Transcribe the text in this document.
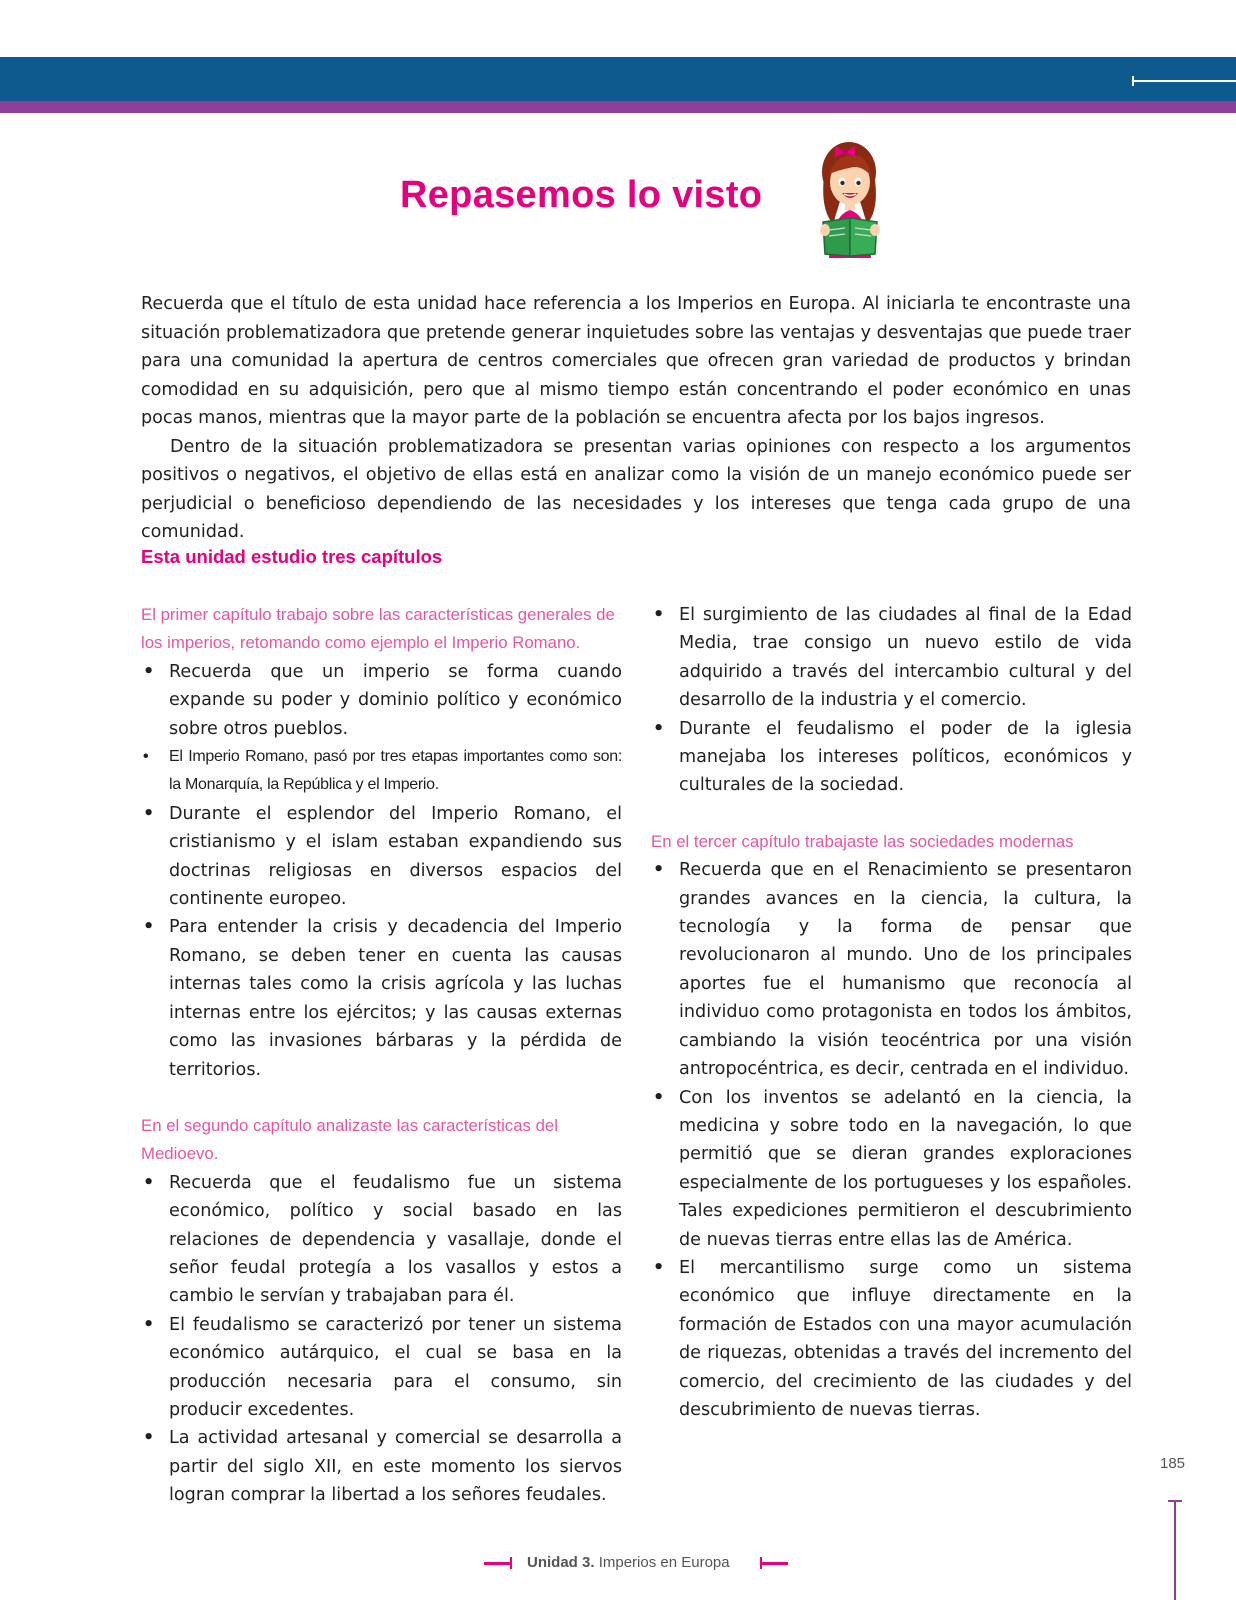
Repasemos lo visto

Recuerda que el título de esta unidad hace referencia a los Imperios en Europa. Al iniciarla te encontraste una situación problematizadora que pretende generar inquietudes sobre las ventajas y desventajas que puede traer para una comunidad la apertura de centros comerciales que ofrecen gran variedad de productos y brindan comodidad en su adquisición, pero que al mismo tiempo están concentrando el poder económico en unas pocas manos, mientras que la mayor parte de la población se encuentra afecta por los bajos ingresos.

Dentro de la situación problematizadora se presentan varias opiniones con respecto a los argumentos positivos o negativos, el objetivo de ellas está en analizar como la visión de un manejo económico puede ser perjudicial o beneficioso dependiendo de las necesidades y los intereses que tenga cada grupo de una comunidad.

Esta unidad estudio tres capítulos
El primer capítulo trabajo sobre las características generales de los imperios, retomando como ejemplo el Imperio Romano.
• Recuerda que un imperio se forma cuando expande su poder y dominio político y económico sobre otros pueblos.
• El Imperio Romano, pasó por tres etapas importantes como son: la Monarquía, la República y el Imperio.
• Durante el esplendor del Imperio Romano, el cristianismo y el islam estaban expandiendo sus doctrinas religiosas en diversos espacios del continente europeo.
• Para entender la crisis y decadencia del Imperio Romano, se deben tener en cuenta las causas internas tales como la crisis agrícola y las luchas internas entre los ejércitos; y las causas externas como las invasiones bárbaras y la pérdida de territorios.
En el segundo capítulo analizaste las características del Medioevo.
• Recuerda que el feudalismo fue un sistema económico, político y social basado en las relaciones de dependencia y vasallaje, donde el señor feudal protegía a los vasallos y estos a cambio le servían y trabajaban para él.
• El feudalismo se caracterizó por tener un sistema económico autárquico, el cual se basa en la producción necesaria para el consumo, sin producir excedentes.
• La actividad artesanal y comercial se desarrolla a partir del siglo XII, en este momento los siervos logran comprar la libertad a los señores feudales.
• El surgimiento de las ciudades al final de la Edad Media, trae consigo un nuevo estilo de vida adquirido a través del intercambio cultural y del desarrollo de la industria y el comercio.
• Durante el feudalismo el poder de la iglesia manejaba los intereses políticos, económicos y culturales de la sociedad.
En el tercer capítulo trabajaste las sociedades modernas
• Recuerda que en el Renacimiento se presentaron grandes avances en la ciencia, la cultura, la tecnología y la forma de pensar que revolucionaron al mundo. Uno de los principales aportes fue el humanismo que reconocía al individuo como protagonista en todos los ámbitos, cambiando la visión teocéntrica por una visión antropocéntrica, es decir, centrada en el individuo.
• Con los inventos se adelantó en la ciencia, la medicina y sobre todo en la navegación, lo que permitió que se dieran grandes exploraciones especialmente de los portugueses y los españoles. Tales expediciones permitieron el descubrimiento de nuevas tierras entre ellas las de América.
• El mercantilismo surge como un sistema económico que influye directamente en la formación de Estados con una mayor acumulación de riquezas, obtenidas a través del incremento del comercio, del crecimiento de las ciudades y del descubrimiento de nuevas tierras.
185
Unidad 3. Imperios en Europa
